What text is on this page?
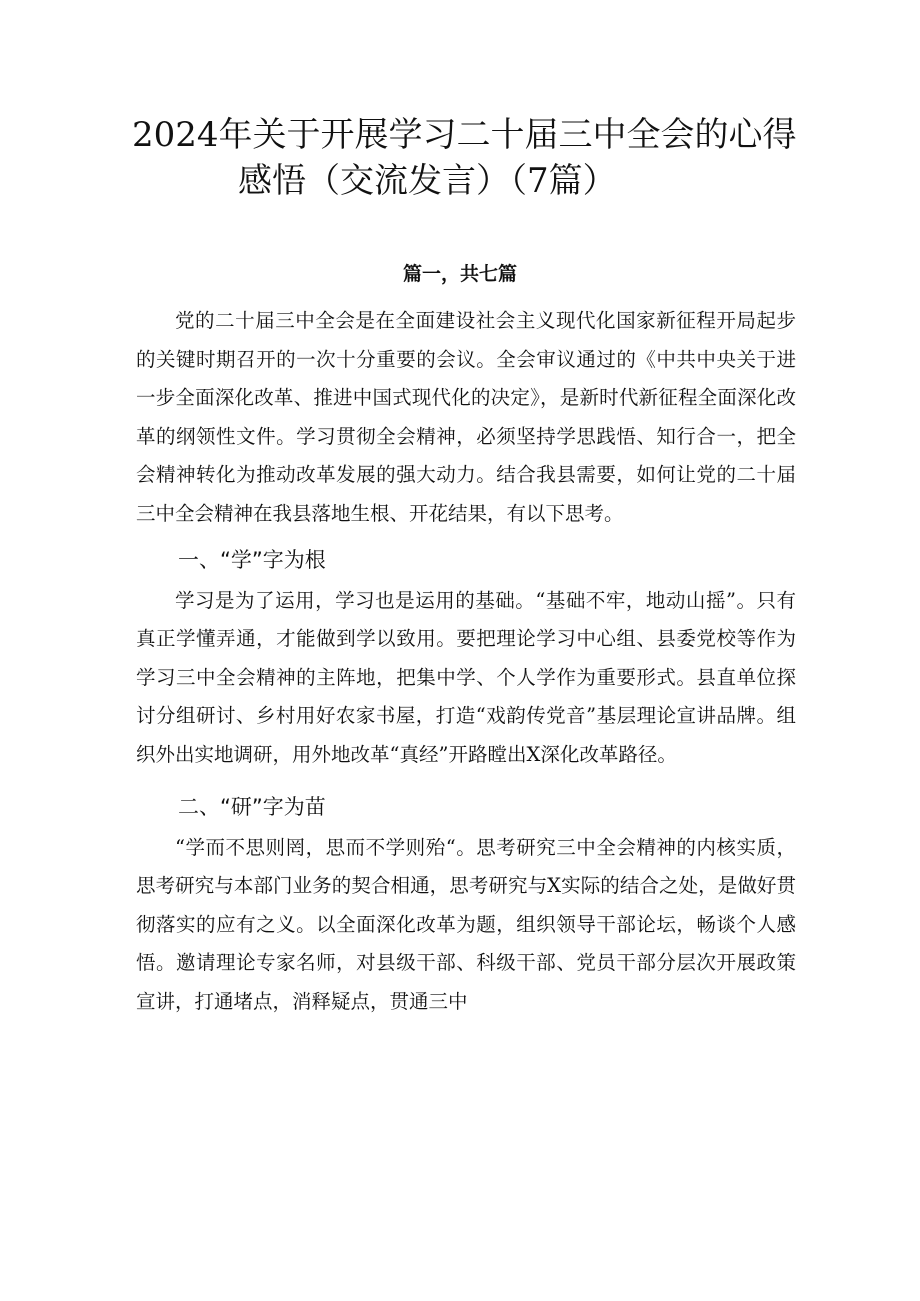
2024年关于开展学习二十届三中全会的心得
感悟（交流发言）（7篇）
篇一，共七篇

党的二十届三中全会是在全面建设社会主义现代化国家新征程开局起步的关键时期召开的一次十分重要的会议。全会审议通过的《中共中央关于进一步全面深化改革、推进中国式现代化的决定》，是新时代新征程全面深化改革的纲领性文件。学习贯彻全会精神，必须坚持学思践悟、知行合一，把全会精神转化为推动改革发展的强大动力。结合我县需要，如何让党的二十届三中全会精神在我县落地生根、开花结果，有以下思考。

一、“学”字为根

学习是为了运用，学习也是运用的基础。“基础不牢，地动山摇”。只有真正学懂弄通，才能做到学以致用。要把理论学习中心组、县委党校等作为学习三中全会精神的主阵地，把集中学、个人学作为重要形式。县直单位探讨分组研讨、乡村用好农家书屋，打造“戏韵传党音”基层理论宣讲品牌。组织外出实地调研，用外地改革“真经”开路瞠出X深化改革路径。

二、“研”字为苗

“学而不思则罔，思而不学则殆“。思考研究三中全会精神的内核实质，思考研究与本部门业务的契合相通，思考研究与X实际的结合之处，是做好贯彻落实的应有之义。以全面深化改革为题，组织领导干部论坛，畅谈个人感悟。邀请理论专家名师，对县级干部、科级干部、党员干部分层次开展政策宣讲，打通堵点，消释疑点，贯通三中
